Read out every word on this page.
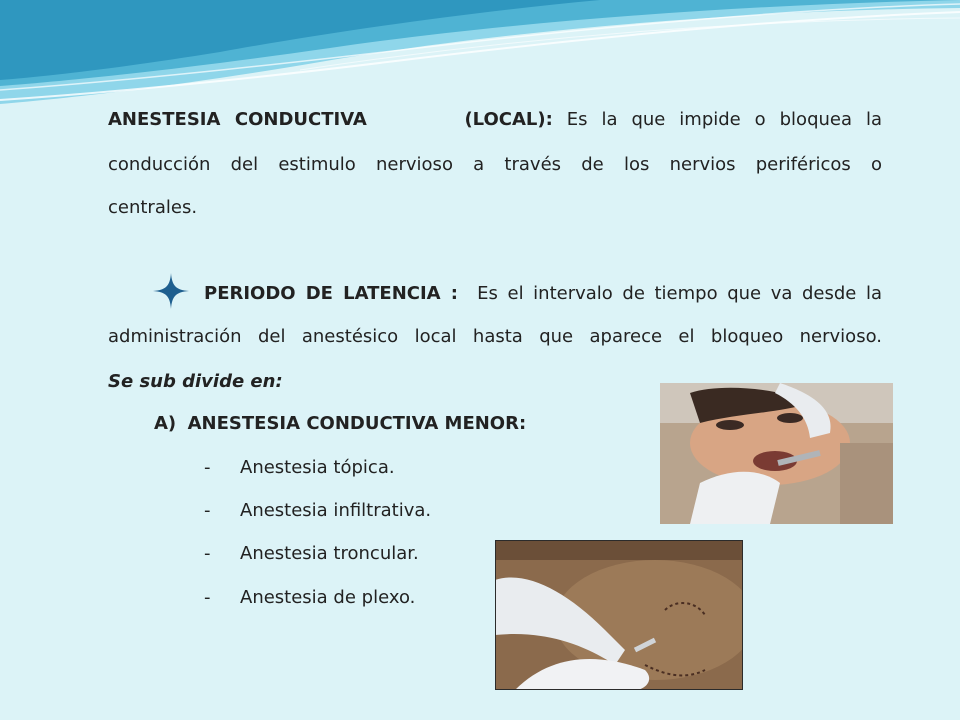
ANESTESIA CONDUCTIVA	(LOCAL): Es la que impide o bloquea la
conducción del estimulo nervioso a través de los nervios periféricos o
centrales.
PERIODO DE LATENCIA : Es el intervalo de tiempo que va desde la
administración del anestésico local hasta que aparece el bloqueo nervioso.
Se sub divide en:
A) ANESTESIA CONDUCTIVA MENOR:
- Anestesia tópica.
- Anestesia infiltrativa.
- Anestesia troncular.
- Anestesia de plexo.
